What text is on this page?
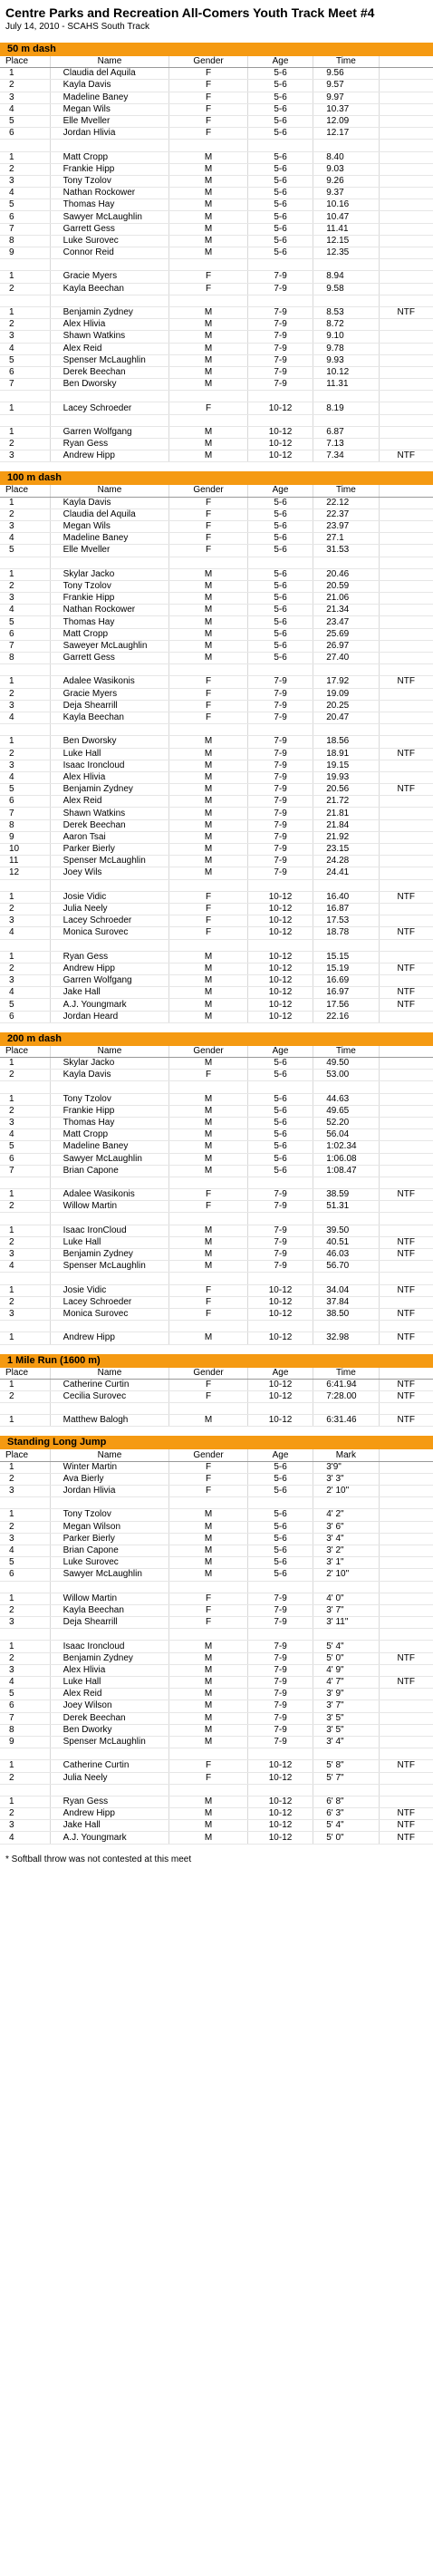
Centre Parks and Recreation All-Comers Youth Track Meet #4
July 14, 2010 - SCAHS South Track
50 m dash
Place	Name	Gender	Age	Time	
1	Claudia del Aquila	F	5-6	9.56	
2	Kayla Davis	F	5-6	9.57	
3	Madeline Baney	F	5-6	9.97	
4	Megan Wils	F	5-6	10.37	
5	Elle Mveller	F	5-6	12.09	
6	Jordan Hlivia	F	5-6	12.17	

1	Matt Cropp	M	5-6	8.40	
2	Frankie Hipp	M	5-6	9.03	
3	Tony Tzolov	M	5-6	9.26	
4	Nathan Rockower	M	5-6	9.37	
5	Thomas Hay	M	5-6	10.16	
6	Sawyer McLaughlin	M	5-6	10.47	
7	Garrett Gess	M	5-6	11.41	
8	Luke Surovec	M	5-6	12.15	
9	Connor Reid	M	5-6	12.35	

1	Gracie Myers	F	7-9	8.94	
2	Kayla Beechan	F	7-9	9.58	

1	Benjamin Zydney	M	7-9	8.53	NTF
2	Alex Hlivia	M	7-9	8.72	
3	Shawn Watkins	M	7-9	9.10	
4	Alex Reid	M	7-9	9.78	
5	Spenser McLaughlin	M	7-9	9.93	
6	Derek Beechan	M	7-9	10.12	
7	Ben Dworsky	M	7-9	11.31	

1	Lacey Schroeder	F	10-12	8.19	

1	Garren Wolfgang	M	10-12	6.87	
2	Ryan Gess	M	10-12	7.13	
3	Andrew Hipp	M	10-12	7.34	NTF
100 m dash
Place	Name	Gender	Age	Time	
1	Kayla Davis	F	5-6	22.12	
2	Claudia del Aquila	F	5-6	22.37	
3	Megan Wils	F	5-6	23.97	
4	Madeline Baney	F	5-6	27.1	
5	Elle Mveller	F	5-6	31.53	

1	Skylar Jacko	M	5-6	20.46	
2	Tony Tzolov	M	5-6	20.59	
3	Frankie Hipp	M	5-6	21.06	
4	Nathan Rockower	M	5-6	21.34	
5	Thomas Hay	M	5-6	23.47	
6	Matt Cropp	M	5-6	25.69	
7	Saweyer McLaughlin	M	5-6	26.97	
8	Garrett Gess	M	5-6	27.40	

1	Adalee Wasikonis	F	7-9	17.92	NTF
2	Gracie Myers	F	7-9	19.09	
3	Deja Shearrill	F	7-9	20.25	
4	Kayla Beechan	F	7-9	20.47	

1	Ben Dworsky	M	7-9	18.56	
2	Luke Hall	M	7-9	18.91	NTF
3	Isaac Ironcloud	M	7-9	19.15	
4	Alex Hlivia	M	7-9	19.93	
5	Benjamin Zydney	M	7-9	20.56	NTF
6	Alex Reid	M	7-9	21.72	
7	Shawn Watkins	M	7-9	21.81	
8	Derek Beechan	M	7-9	21.84	
9	Aaron Tsai	M	7-9	21.92	
10	Parker Bierly	M	7-9	23.15	
11	Spenser McLaughlin	M	7-9	24.28	
12	Joey Wils	M	7-9	24.41	

1	Josie Vidic	F	10-12	16.40	NTF
2	Julia Neely	F	10-12	16.87	
3	Lacey Schroeder	F	10-12	17.53	
4	Monica Surovec	F	10-12	18.78	NTF

1	Ryan Gess	M	10-12	15.15	
2	Andrew Hipp	M	10-12	15.19	NTF
3	Garren Wolfgang	M	10-12	16.69	
4	Jake Hall	M	10-12	16.97	NTF
5	A.J. Youngmark	M	10-12	17.56	NTF
6	Jordan Heard	M	10-12	22.16	
200 m dash
Place	Name	Gender	Age	Time	
1	Skylar Jacko	M	5-6	49.50	
2	Kayla Davis	F	5-6	53.00	

1	Tony Tzolov	M	5-6	44.63	
2	Frankie Hipp	M	5-6	49.65	
3	Thomas Hay	M	5-6	52.20	
4	Matt Cropp	M	5-6	56.04	
5	Madeline Baney	M	5-6	1:02.34	
6	Sawyer McLaughlin	M	5-6	1:06.08	
7	Brian Capone	M	5-6	1:08.47	

1	Adalee Wasikonis	F	7-9	38.59	NTF
2	Willow Martin	F	7-9	51.31	

1	Isaac IronCloud	M	7-9	39.50	
2	Luke Hall	M	7-9	40.51	NTF
3	Benjamin Zydney	M	7-9	46.03	NTF
4	Spenser McLaughlin	M	7-9	56.70	

1	Josie Vidic	F	10-12	34.04	NTF
2	Lacey Schroeder	F	10-12	37.84	
3	Monica Surovec	F	10-12	38.50	NTF

1	Andrew Hipp	M	10-12	32.98	NTF
1 Mile Run (1600 m)
Place	Name	Gender	Age	Time	
1	Catherine Curtin	F	10-12	6:41.94	NTF
2	Cecilia Surovec	F	10-12	7:28.00	NTF

1	Matthew Balogh	M	10-12	6:31.46	NTF
Standing Long Jump
Place	Name	Gender	Age	Mark	
1	Winter Martin	F	5-6	3'9"	
2	Ava Bierly	F	5-6	3' 3"	
3	Jordan Hlivia	F	5-6	2' 10"	

1	Tony Tzolov	M	5-6	4' 2"	
2	Megan Wilson	M	5-6	3' 6"	
3	Parker Bierly	M	5-6	3' 4"	
4	Brian Capone	M	5-6	3' 2"	
5	Luke Surovec	M	5-6	3' 1"	
6	Sawyer McLaughlin	M	5-6	2' 10"	

1	Willow Martin	F	7-9	4' 0"	
2	Kayla Beechan	F	7-9	3' 7"	
3	Deja Shearrill	F	7-9	3' 11"	

1	Isaac Ironcloud	M	7-9	5' 4"	
2	Benjamin Zydney	M	7-9	5' 0"	NTF
3	Alex Hlivia	M	7-9	4' 9"	
4	Luke Hall	M	7-9	4' 7"	NTF
5	Alex Reid	M	7-9	3' 9"	
6	Joey Wilson	M	7-9	3' 7"	
7	Derek Beechan	M	7-9	3' 5"	
8	Ben Dworky	M	7-9	3' 5"	
9	Spenser McLaughlin	M	7-9	3' 4"	

1	Catherine Curtin	F	10-12	5' 8"	NTF
2	Julia Neely	F	10-12	5' 7"	

1	Ryan Gess	M	10-12	6' 8"	
2	Andrew Hipp	M	10-12	6' 3"	NTF
3	Jake Hall	M	10-12	5' 4"	NTF
4	A.J. Youngmark	M	10-12	5' 0"	NTF
* Softball throw was not contested at this meet
